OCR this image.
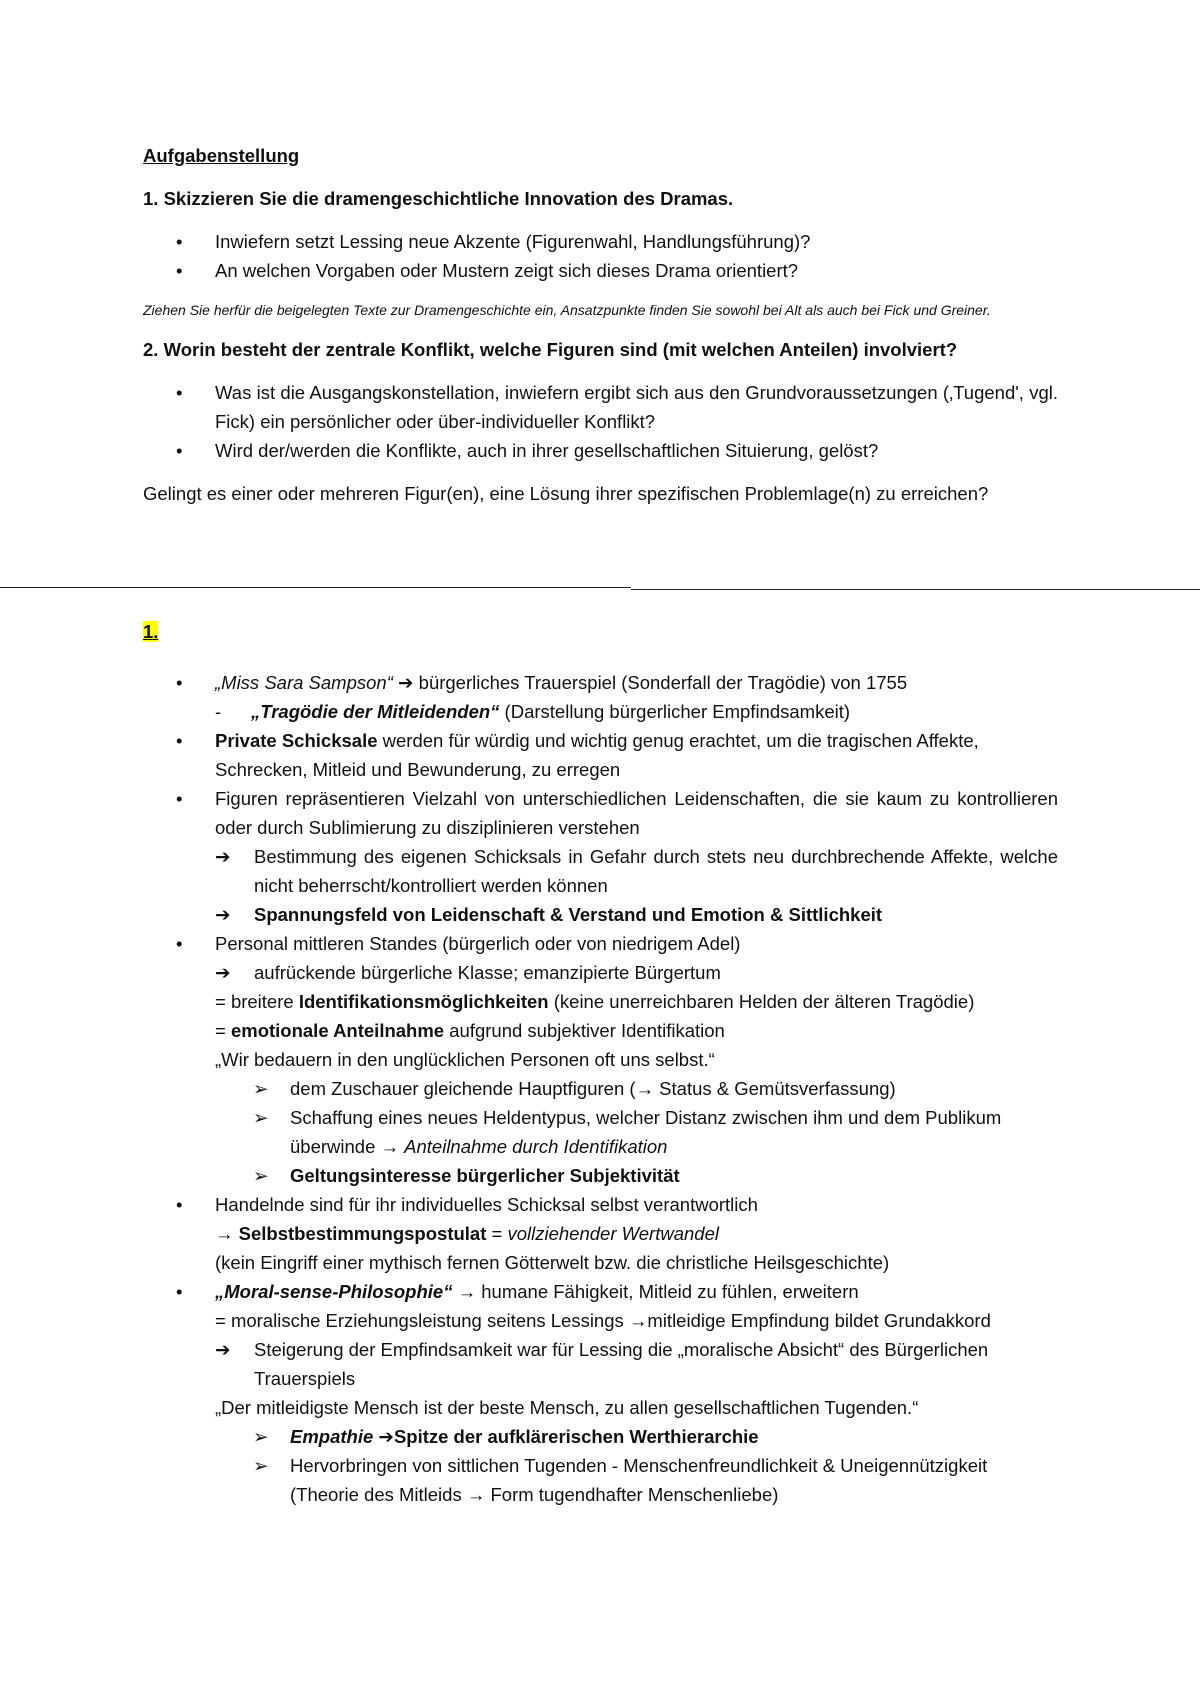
Aufgabenstellung

1. Skizzieren Sie die dramengeschichtliche Innovation des Dramas.

• Inwiefern setzt Lessing neue Akzente (Figurenwahl, Handlungsführung)?

• An welchen Vorgaben oder Mustern zeigt sich dieses Drama orientiert?

Ziehen Sie herfür die beigelegten Texte zur Dramengeschichte ein, Ansatzpunkte finden Sie sowohl bei Alt als auch bei Fick und Greiner.

2. Worin besteht der zentrale Konflikt, welche Figuren sind (mit welchen Anteilen) involviert?

• Was ist die Ausgangskonstellation, inwiefern ergibt sich aus den Grundvoraussetzungen (‚Tugend', vgl. Fick) ein persönlicher oder über-individueller Konflikt?

• Wird der/werden die Konflikte, auch in ihrer gesellschaftlichen Situierung, gelöst?

Gelingt es einer oder mehreren Figur(en), eine Lösung ihrer spezifischen Problemlage(n) zu erreichen?

1.

• „Miss Sara Sampson“ ➔ bürgerliches Trauerspiel (Sonderfall der Tragödie) von 1755

- „Tragödie der Mitleidenden“ (Darstellung bürgerlicher Empfindsamkeit)

• Private Schicksale werden für würdig und wichtig genug erachtet, um die tragischen Affekte, Schrecken, Mitleid und Bewunderung, zu erregen

• Figuren repräsentieren Vielzahl von unterschiedlichen Leidenschaften, die sie kaum zu kontrollieren oder durch Sublimierung zu disziplinieren verstehen

➔ Bestimmung des eigenen Schicksals in Gefahr durch stets neu durchbrechende Affekte, welche nicht beherrscht/kontrolliert werden können

➔ Spannungsfeld von Leidenschaft & Verstand und Emotion & Sittlichkeit

• Personal mittleren Standes (bürgerlich oder von niedrigem Adel)

➔ aufrückende bürgerliche Klasse; emanzipierte Bürgertum

= breitere Identifikationsmöglichkeiten (keine unerreichbaren Helden der älteren Tragödie)

= emotionale Anteilnahme aufgrund subjektiver Identifikation

„Wir bedauern in den unglücklichen Personen oft uns selbst.“

➢ dem Zuschauer gleichende Hauptfiguren (→ Status & Gemütsverfassung)

➢ Schaffung eines neues Heldentypus, welcher Distanz zwischen ihm und dem Publikum überwinde → Anteilnahme durch Identifikation

➢ Geltungsinteresse bürgerlicher Subjektivität

• Handelnde sind für ihr individuelles Schicksal selbst verantwortlich

→ Selbstbestimmungspostulat = vollziehender Wertwandel

(kein Eingriff einer mythisch fernen Götterwelt bzw. die christliche Heilsgeschichte)

• „Moral-sense-Philosophie“ → humane Fähigkeit, Mitleid zu fühlen, erweitern

= moralische Erziehungsleistung seitens Lessings →mitleidige Empfindung bildet Grundakkord

➔ Steigerung der Empfindsamkeit war für Lessing die „moralische Absicht“ des Bürgerlichen Trauerspiels

„Der mitleidigste Mensch ist der beste Mensch, zu allen gesellschaftlichen Tugenden.“

➢ Empathie ➔Spitze der aufklärerischen Werthierarchie

➢ Hervorbringen von sittlichen Tugenden - Menschenfreundlichkeit & Uneigennützigkeit
(Theorie des Mitleids → Form tugendhafter Menschenliebe)
